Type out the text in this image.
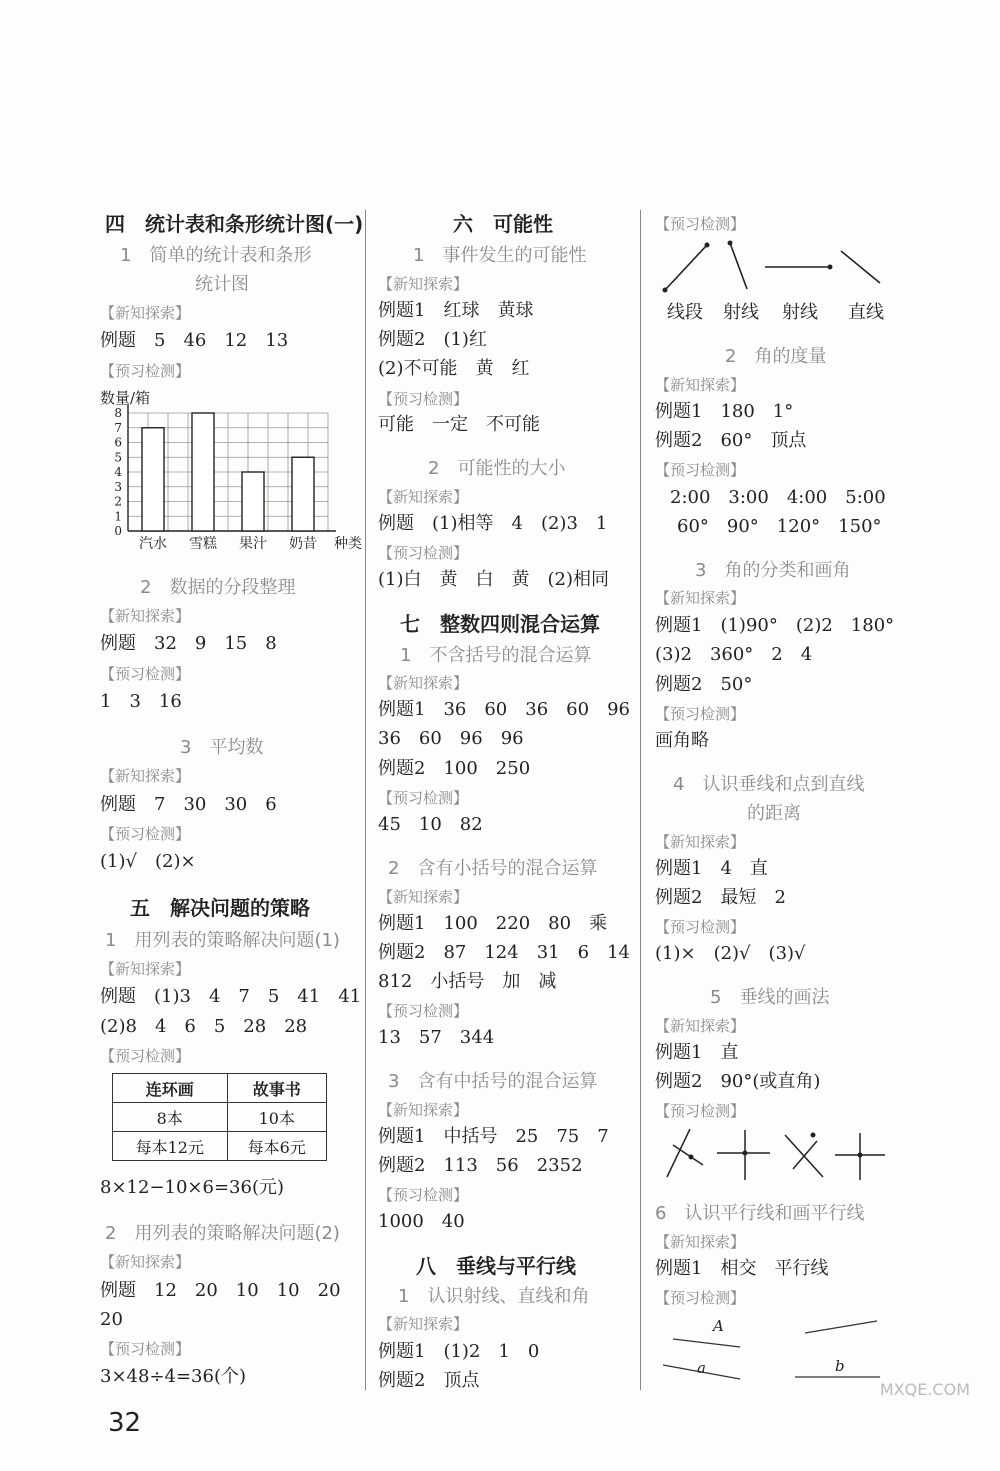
四　统计表和条形统计图(一)
1　简单的统计表和条形
统计图
【新知探索】
例题　5　46　12　13
【预习检测】
数量/箱
0
1
2
3
4
5
6
7
8
汽水 雪糕 果汁 奶昔 种类
2　数据的分段整理
【新知探索】
例题　32　9　15　8
【预习检测】
1　3　16
3　平均数
【新知探索】
例题　7　30　30　6
【预习检测】
(1)√　(2)×
五　解决问题的策略
1　用列表的策略解决问题(1)
【新知探索】
例题　(1)3　4　7　5　41　41
(2)8　4　6　5　28　28
【预习检测】
连环画	故事书
8本	10本
每本12元	每本6元
8×12−10×6=36(元)
2　用列表的策略解决问题(2)
【新知探索】
例题　12　20　10　10　20
20
【预习检测】
3×48÷4=36(个)
六　可能性
1　事件发生的可能性
【新知探索】
例题1　红球　黄球
例题2　(1)红
(2)不可能　黄　红
【预习检测】
可能　一定　不可能
2　可能性的大小
【新知探索】
例题　(1)相等　4　(2)3　1
【预习检测】
(1)白　黄　白　黄　(2)相同
七　整数四则混合运算
1　不含括号的混合运算
【新知探索】
例题1　36　60　36　60　96
36　60　96　96
例题2　100　250
【预习检测】
45　10　82
2　含有小括号的混合运算
【新知探索】
例题1　100　220　80　乘
例题2　87　124　31　6　14
812　小括号　加　减
【预习检测】
13　57　344
3　含有中括号的混合运算
【新知探索】
例题1　中括号　25　75　7
例题2　113　56　2352
【预习检测】
1000　40
八　垂线与平行线
1　认识射线、直线和角
【新知探索】
例题1　(1)2　1　0
例题2　顶点
【预习检测】
线段 射线 射线 直线
2　角的度量
【新知探索】
例题1　180　1°
例题2　60°　顶点
【预习检测】
2:00　3:00　4:00　5:00
60°　90°　120°　150°
3　角的分类和画角
【新知探索】
例题1　(1)90°　(2)2　180°
(3)2　360°　2　4
例题2　50°
【预习检测】
画角略
4　认识垂线和点到直线
的距离
【新知探索】
例题1　4　直
例题2　最短　2
【预习检测】
(1)×　(2)√　(3)√
5　垂线的画法
【新知探索】
例题1　直
例题2　90°(或直角)
【预习检测】
6　认识平行线和画平行线
【新知探索】
例题1　相交　平行线
【预习检测】
A
a	b
32
MXQE.COM
